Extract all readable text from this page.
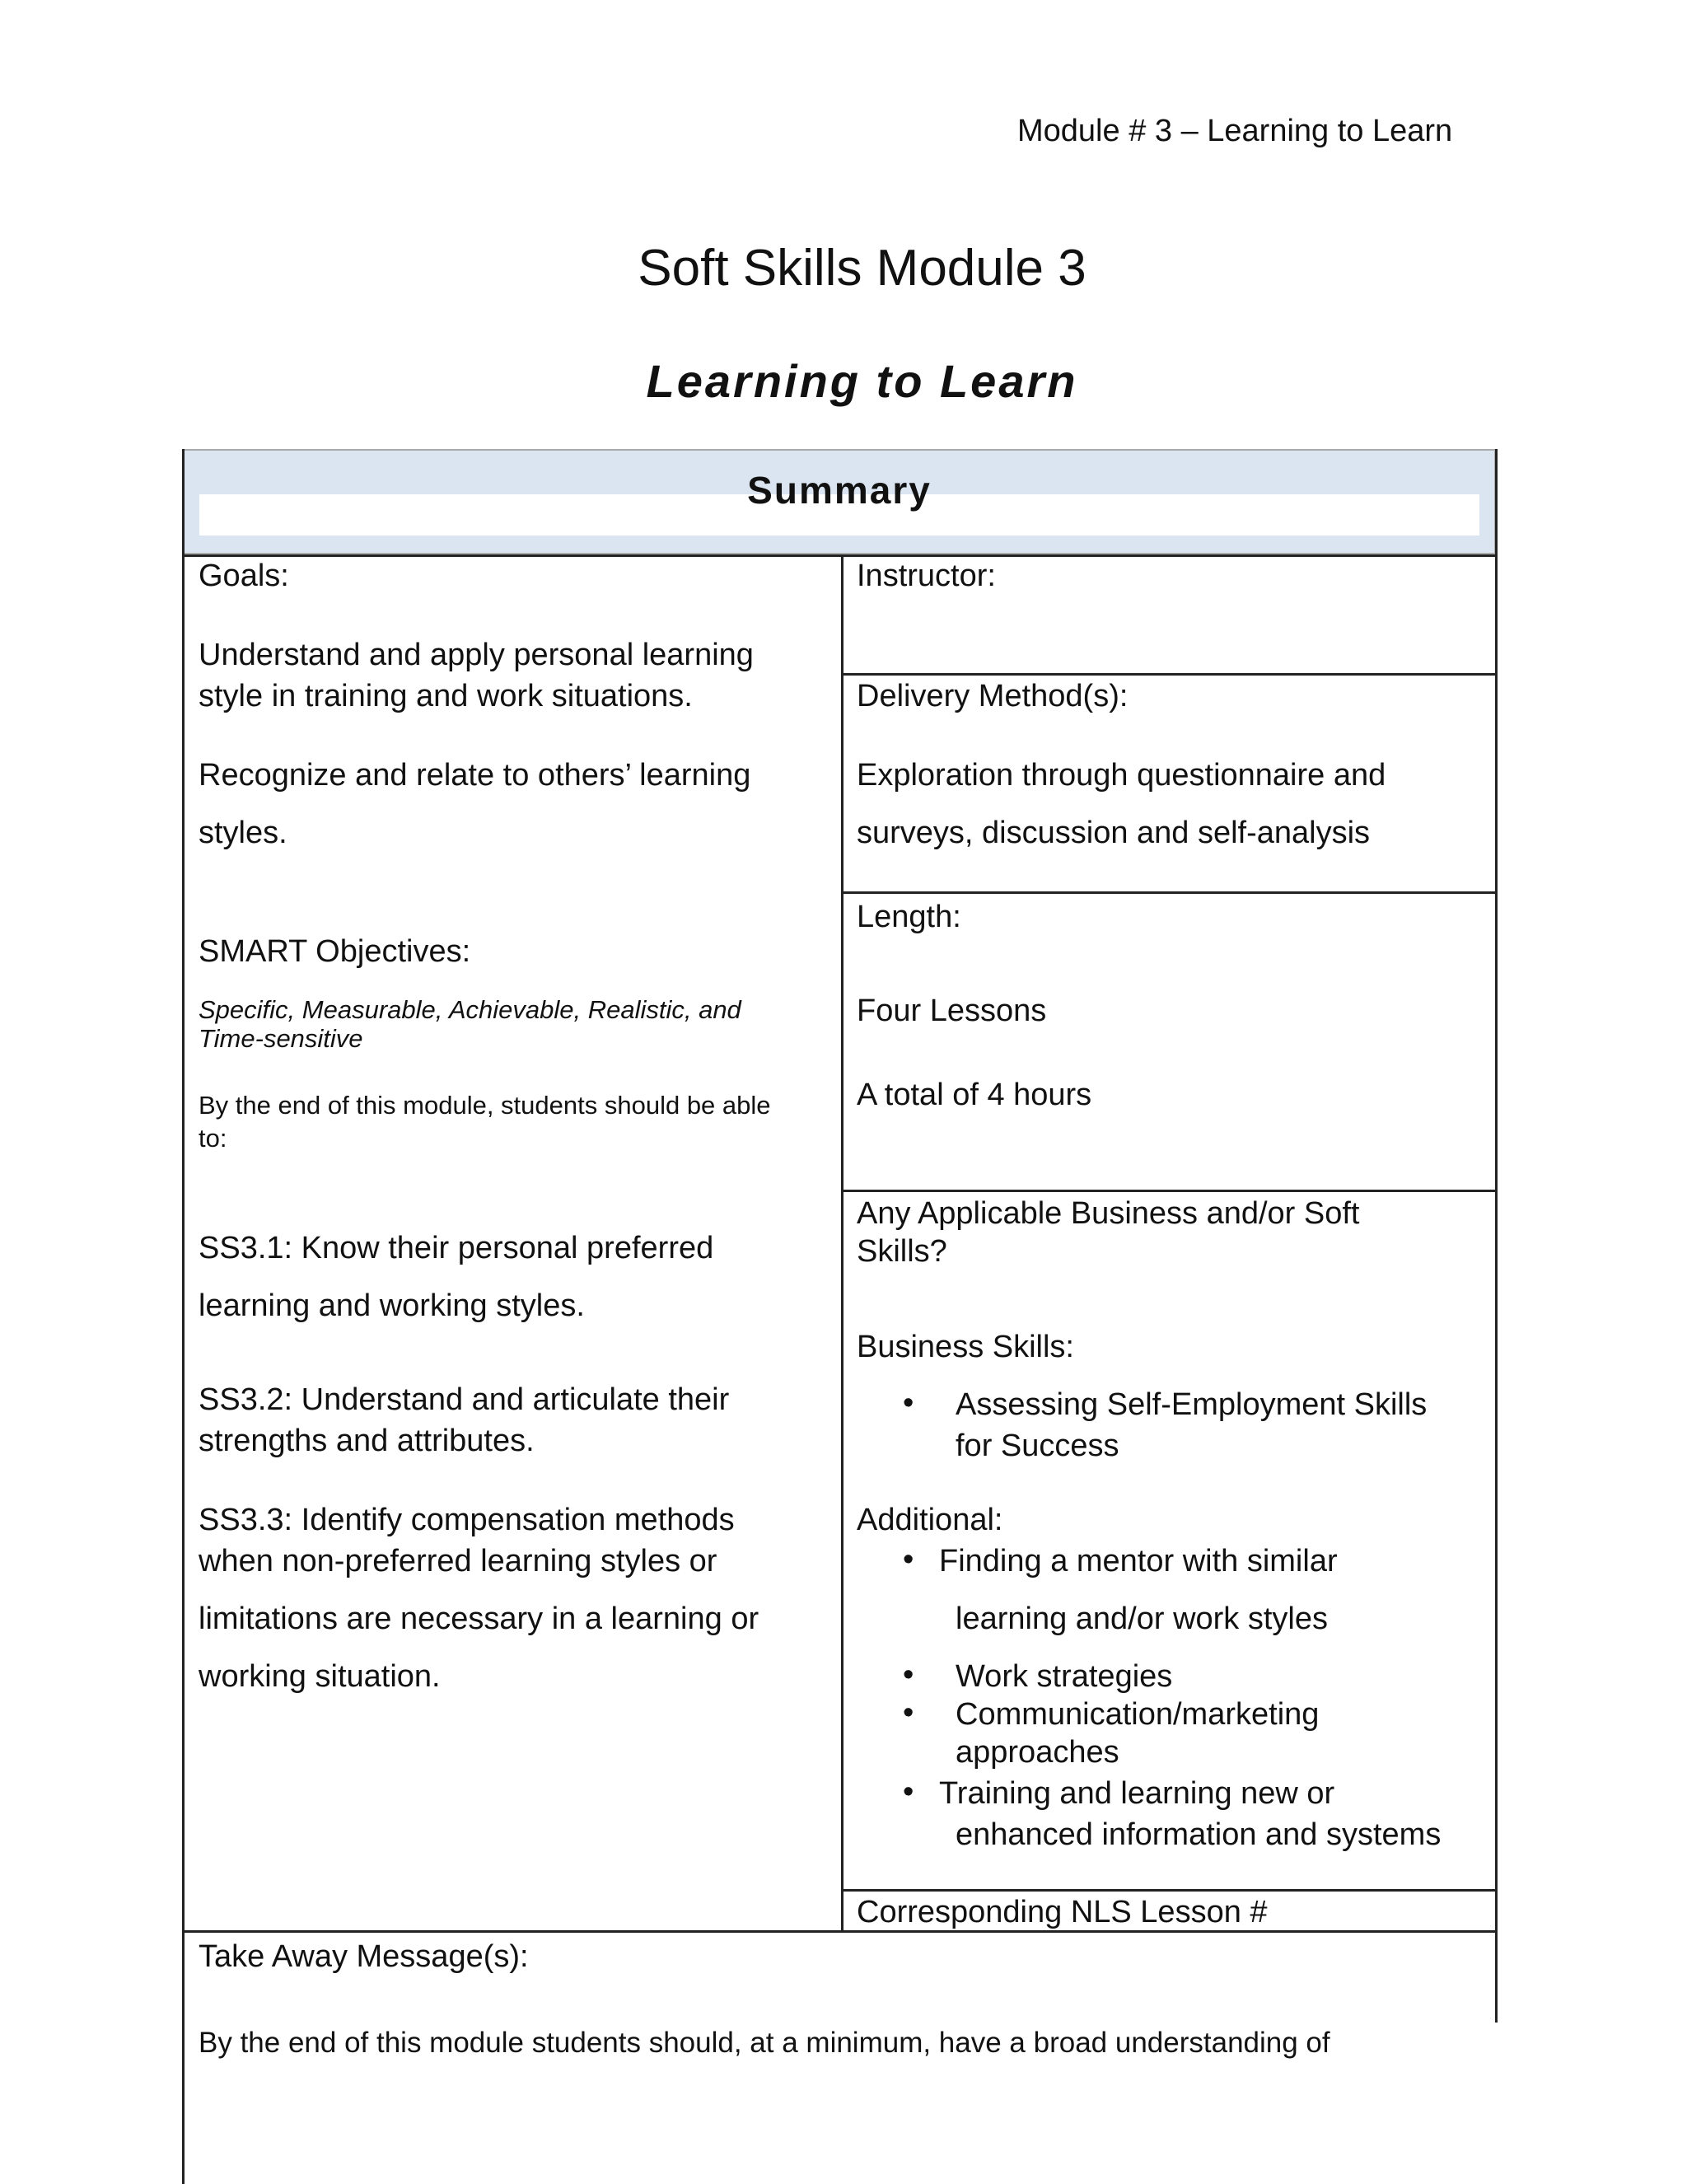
Module # 3 – Learning to Learn
Soft Skills Module 3
Learning to Learn
Summary
Goals:
Understand and apply personal learning
style in training and work situations.
Recognize and relate to others’ learning
styles.
SMART Objectives:
Specific, Measurable, Achievable, Realistic, and
Time-sensitive
By the end of this module, students should be able
to:
SS3.1: Know their personal preferred
learning and working styles.
SS3.2: Understand and articulate their
strengths and attributes.
SS3.3: Identify compensation methods
when non-preferred learning styles or
limitations are necessary in a learning or
working situation.
Instructor:
Delivery Method(s):
Exploration through questionnaire and
surveys, discussion and self-analysis
Length:
Four Lessons
A total of 4 hours
Any Applicable Business and/or Soft
Skills?
Business Skills:
• Assessing Self-Employment Skills
for Success
Additional:
• Finding a mentor with similar
learning and/or work styles
• Work strategies
• Communication/marketing
approaches
• Training and learning new or
enhanced information and systems
Corresponding NLS Lesson #
Take Away Message(s):
By the end of this module students should, at a minimum, have a broad understanding of
